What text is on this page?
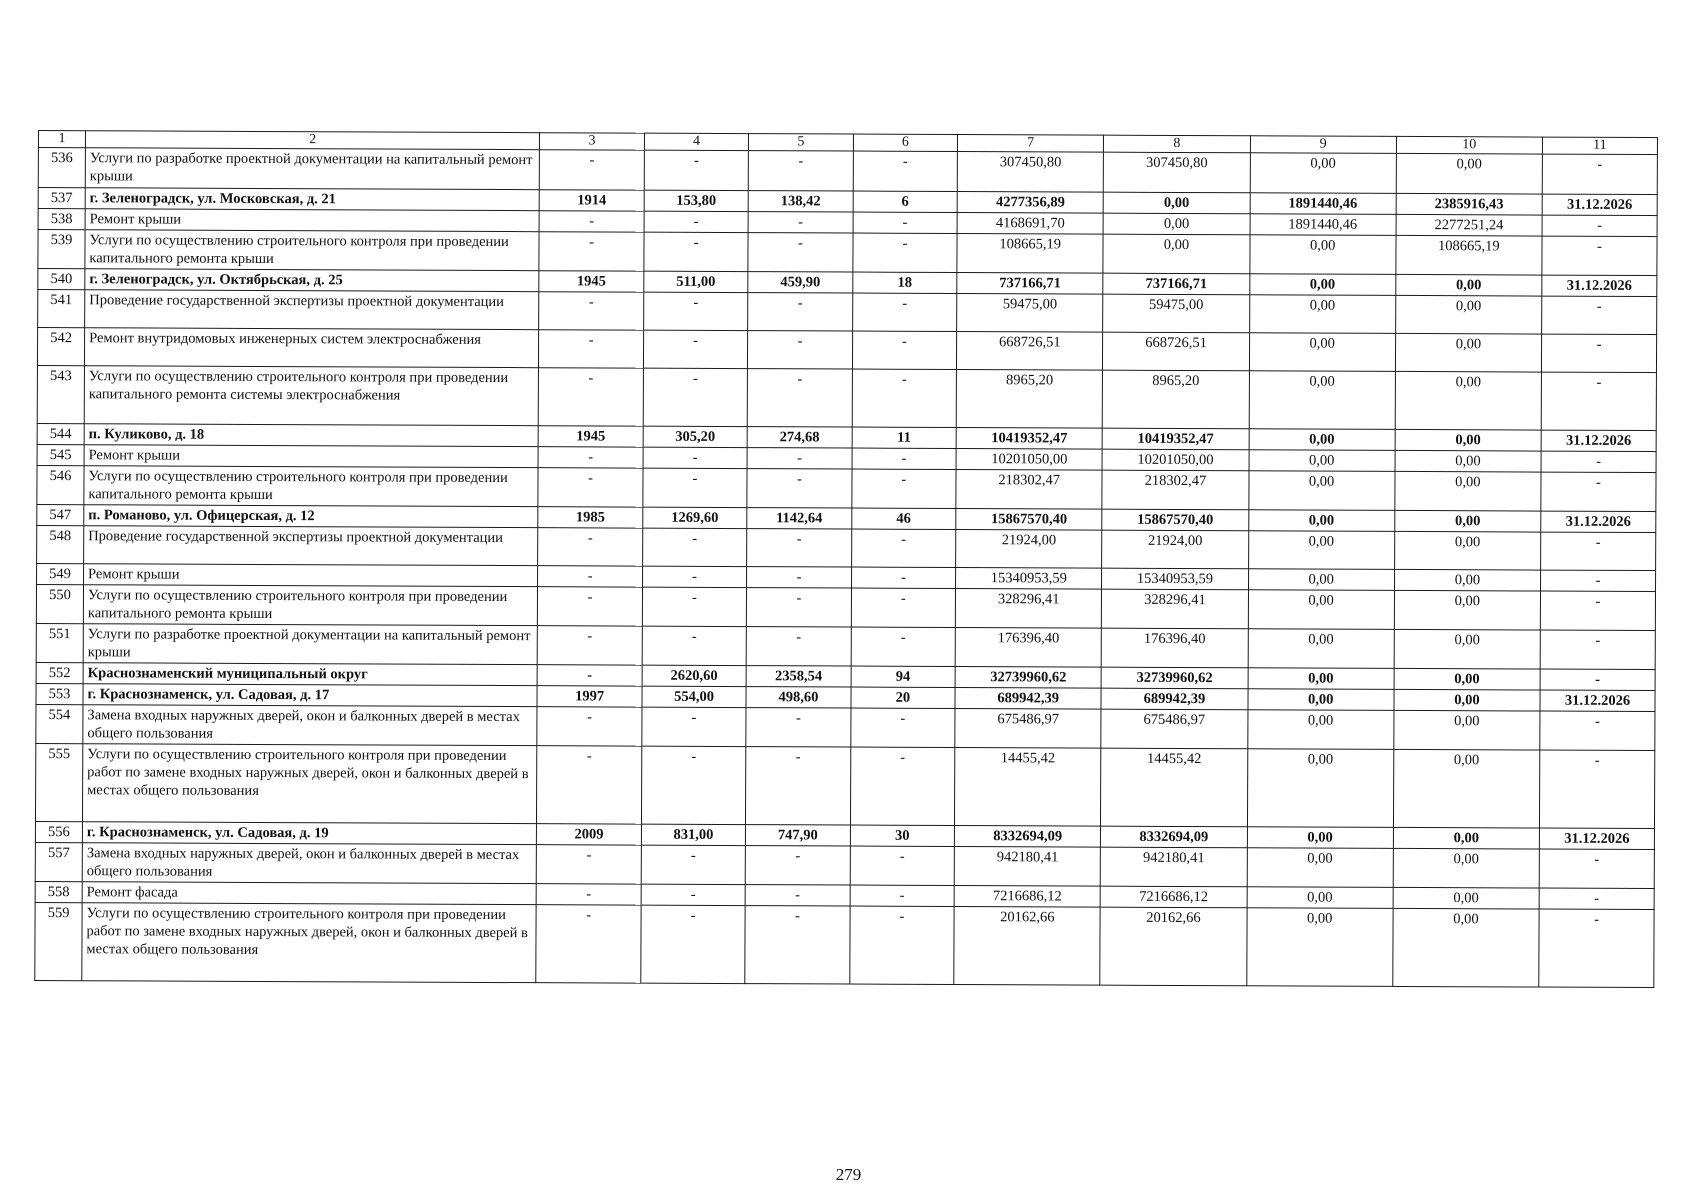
1	2	3	4	5	6	7	8	9	10	11
536	Услуги по разработке проектной документации на капитальный ремонт крыши	-	-	-	-	307450,80	307450,80	0,00	0,00	-
537	г. Зеленоградск, ул. Московская, д. 21	1914	153,80	138,42	6	4277356,89	0,00	1891440,46	2385916,43	31.12.2026
538	Ремонт крыши	-	-	-	-	4168691,70	0,00	1891440,46	2277251,24	-
539	Услуги по осуществлению строительного контроля при проведении капитального ремонта крыши	-	-	-	-	108665,19	0,00	0,00	108665,19	-
540	г. Зеленоградск, ул. Октябрьская, д. 25	1945	511,00	459,90	18	737166,71	737166,71	0,00	0,00	31.12.2026
541	Проведение государственной экспертизы проектной документации	-	-	-	-	59475,00	59475,00	0,00	0,00	-
542	Ремонт внутридомовых инженерных систем электроснабжения	-	-	-	-	668726,51	668726,51	0,00	0,00	-
543	Услуги по осуществлению строительного контроля при проведении капитального ремонта системы электроснабжения	-	-	-	-	8965,20	8965,20	0,00	0,00	-
544	п. Куликово, д. 18	1945	305,20	274,68	11	10419352,47	10419352,47	0,00	0,00	31.12.2026
545	Ремонт крыши	-	-	-	-	10201050,00	10201050,00	0,00	0,00	-
546	Услуги по осуществлению строительного контроля при проведении капитального ремонта крыши	-	-	-	-	218302,47	218302,47	0,00	0,00	-
547	п. Романово, ул. Офицерская, д. 12	1985	1269,60	1142,64	46	15867570,40	15867570,40	0,00	0,00	31.12.2026
548	Проведение государственной экспертизы проектной документации	-	-	-	-	21924,00	21924,00	0,00	0,00	-
549	Ремонт крыши	-	-	-	-	15340953,59	15340953,59	0,00	0,00	-
550	Услуги по осуществлению строительного контроля при проведении капитального ремонта крыши	-	-	-	-	328296,41	328296,41	0,00	0,00	-
551	Услуги по разработке проектной документации на капитальный ремонт крыши	-	-	-	-	176396,40	176396,40	0,00	0,00	-
552	Краснознаменский муниципальный округ	-	2620,60	2358,54	94	32739960,62	32739960,62	0,00	0,00	-
553	г. Краснознаменск, ул. Садовая, д. 17	1997	554,00	498,60	20	689942,39	689942,39	0,00	0,00	31.12.2026
554	Замена входных наружных дверей, окон и балконных дверей в местах общего пользования	-	-	-	-	675486,97	675486,97	0,00	0,00	-
555	Услуги по осуществлению строительного контроля при проведении работ по замене входных наружных дверей, окон и балконных дверей в местах общего пользования	-	-	-	-	14455,42	14455,42	0,00	0,00	-
556	г. Краснознаменск, ул. Садовая, д. 19	2009	831,00	747,90	30	8332694,09	8332694,09	0,00	0,00	31.12.2026
557	Замена входных наружных дверей, окон и балконных дверей в местах общего пользования	-	-	-	-	942180,41	942180,41	0,00	0,00	-
558	Ремонт фасада	-	-	-	-	7216686,12	7216686,12	0,00	0,00	-
559	Услуги по осуществлению строительного контроля при проведении работ по замене входных наружных дверей, окон и балконных дверей в местах общего пользования	-	-	-	-	20162,66	20162,66	0,00	0,00	-
279
